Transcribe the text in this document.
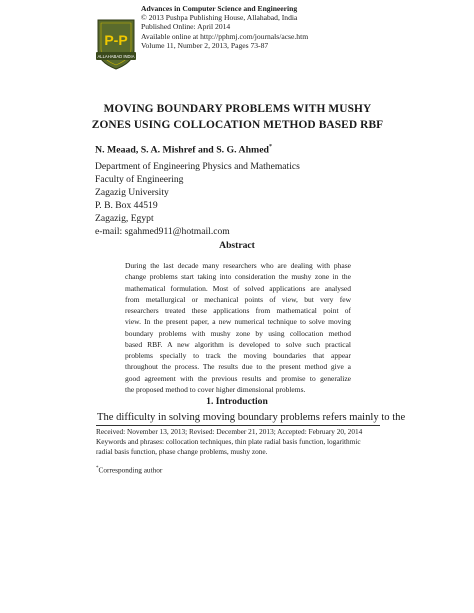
P-P
ALLAHABAD INDIA
Advances in Computer Science and Engineering
© 2013 Pushpa Publishing House, Allahabad, India
Published Online: April 2014
Available online at http://pphmj.com/journals/acse.htm
Volume 11, Number 2, 2013, Pages 73-87
MOVING BOUNDARY PROBLEMS WITH MUSHY
ZONES USING COLLOCATION METHOD BASED RBF
N. Meaad, S. A. Mishref and S. G. Ahmed*
Department of Engineering Physics and Mathematics
Faculty of Engineering
Zagazig University
P. B. Box 44519
Zagazig, Egypt
e-mail: sgahmed911@hotmail.com
Abstract
During the last decade many researchers who are dealing with phase
change problems start taking into consideration the mushy zone in the
mathematical formulation. Most of solved applications are analysed
from metallurgical or mechanical points of view, but very few
researchers treated these applications from mathematical point of
view. In the present paper, a new numerical technique to solve moving
boundary problems with mushy zone by using collocation method
based RBF. A new algorithm is developed to solve such practical
problems specially to track the moving boundaries that appear
throughout the process. The results due to the present method give a
good agreement with the previous results and promise to generalize
the proposed method to cover higher dimensional problems.
1. Introduction
The difficulty in solving moving boundary problems refers mainly to the
Received: November 13, 2013; Revised: December 21, 2013; Accepted: February 20, 2014
Keywords and phrases: collocation techniques, thin plate radial basis function, logarithmic
radial basis function, phase change problems, mushy zone.
*Corresponding author
